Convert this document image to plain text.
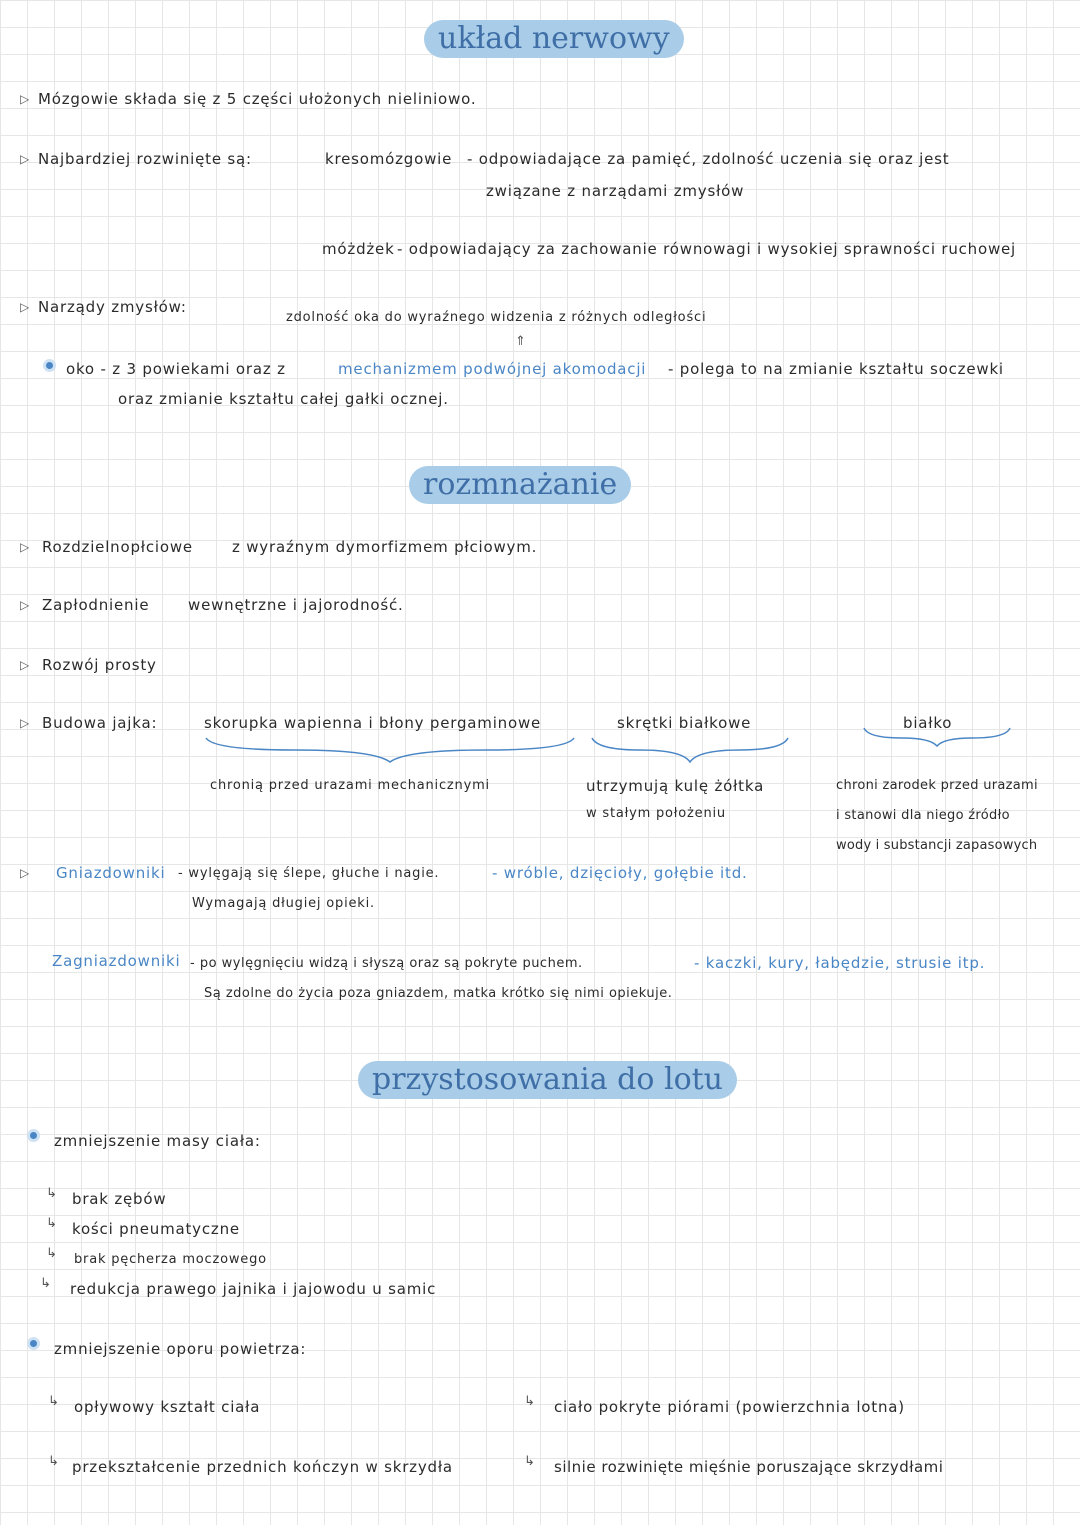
układ nerwowy
▷ Mózgowie składa się z 5 części ułożonych nieliniowo.
▷ Najbardziej rozwinięte są:	kresomózgowie - odpowiadające za pamięć, zdolność uczenia się oraz jest
związane z narządami zmysłów
móżdżek - odpowiadający za zachowanie równowagi i wysokiej sprawności ruchowej
▷ Narządy zmysłów:
zdolność oka do wyraźnego widzenia z różnych odległości
⇑
oko - z 3 powiekami oraz z	mechanizmem podwójnej akomodacji - polega to na zmianie kształtu soczewki
oraz zmianie kształtu całej gałki ocznej.
rozmnażanie
▷ Rozdzielnopłciowe	z wyraźnym dymorfizmem płciowym.
▷ Zapłodnienie	wewnętrzne i jajorodność.
▷ Rozwój prosty
▷ Budowa jajka:	skorupka wapienna i błony pergaminowe
chronią przed urazami mechanicznymi
skrętki białkowe
utrzymują kulę żółtka
w stałym położeniu
białko
chroni zarodek przed urazami
i stanowi dla niego źródło
wody i substancji zapasowych
▷ Gniazdowniki - wylęgają się ślepe, głuche i nagie.
Wymagają długiej opieki.
- wróble, dzięcioły, gołębie itd.
Zagniazdowniki - po wylęgnięciu widzą i słyszą oraz są pokryte puchem.
Są zdolne do życia poza gniazdem, matka krótko się nimi opiekuje.
- kaczki, kury, łabędzie, strusie itp.
przystosowania do lotu
zmniejszenie masy ciała:
↳ brak zębów
↳ kości pneumatyczne
↳ brak pęcherza moczowego
↳ redukcja prawego jajnika i jajowodu u samic
zmniejszenie oporu powietrza:
↳ opływowy kształt ciała
↳ przekształcenie przednich kończyn w skrzydła
↳ ciało pokryte piórami (powierzchnia lotna)
↳ silnie rozwinięte mięśnie poruszające skrzydłami
